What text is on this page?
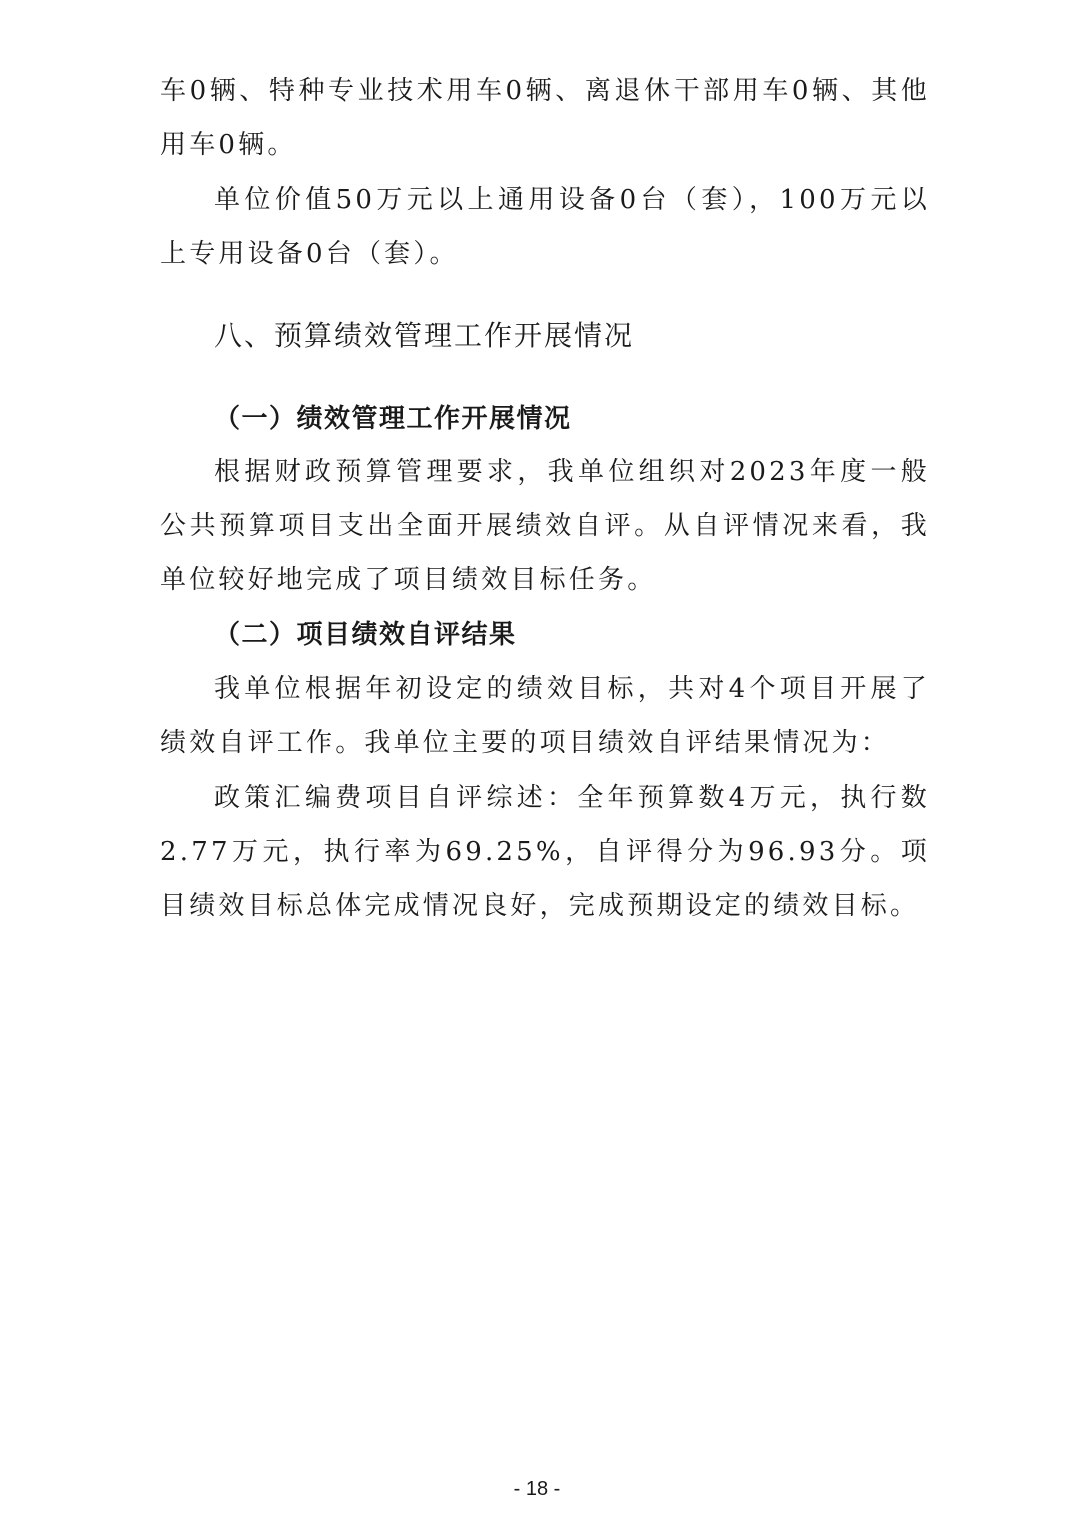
车0辆、特种专业技术用车0辆、离退休干部用车0辆、其他用车0辆。

单位价值50万元以上通用设备0台（套），100万元以上专用设备0台（套）。

八、预算绩效管理工作开展情况
（一）绩效管理工作开展情况

根据财政预算管理要求，我单位组织对2023年度一般公共预算项目支出全面开展绩效自评。从自评情况来看，我单位较好地完成了项目绩效目标任务。

（二）项目绩效自评结果

我单位根据年初设定的绩效目标，共对4个项目开展了绩效自评工作。我单位主要的项目绩效自评结果情况为：

政策汇编费项目自评综述：全年预算数4万元，执行数2.77万元，执行率为69.25%，自评得分为96.93分。项目绩效目标总体完成情况良好，完成预期设定的绩效目标。

- 18 -
